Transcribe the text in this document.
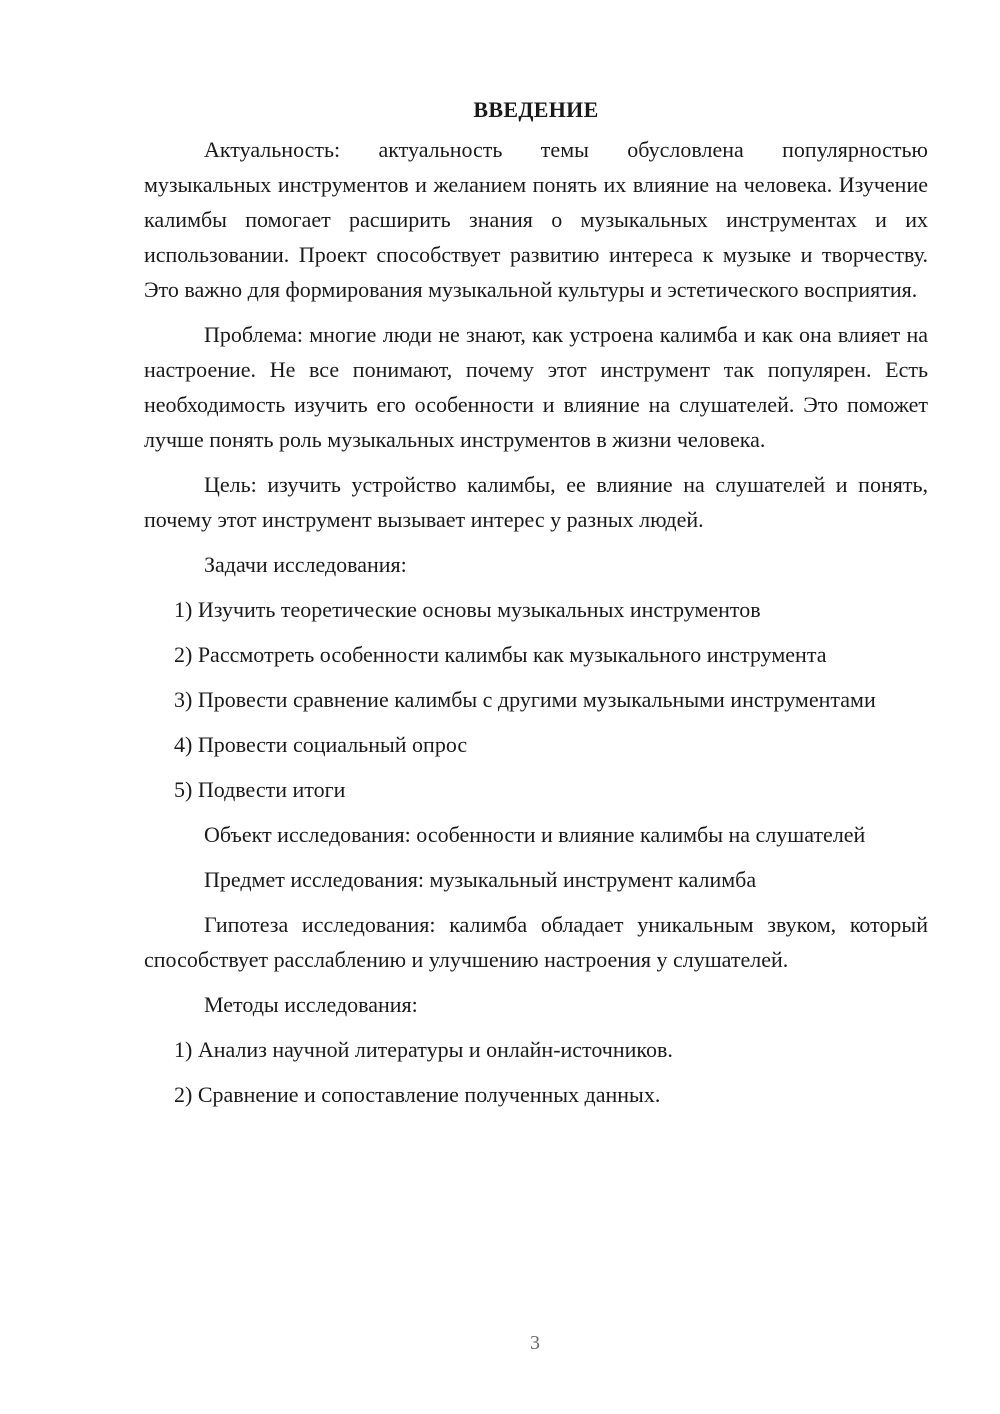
ВВЕДЕНИЕ

Актуальность: актуальность темы обусловлена популярностью музыкальных инструментов и желанием понять их влияние на человека. Изучение калимбы помогает расширить знания о музыкальных инструментах и их использовании. Проект способствует развитию интереса к музыке и творчеству. Это важно для формирования музыкальной культуры и эстетического восприятия.

Проблема: многие люди не знают, как устроена калимба и как она влияет на настроение. Не все понимают, почему этот инструмент так популярен. Есть необходимость изучить его особенности и влияние на слушателей. Это поможет лучше понять роль музыкальных инструментов в жизни человека.

Цель: изучить устройство калимбы, ее влияние на слушателей и понять, почему этот инструмент вызывает интерес у разных людей.

Задачи исследования:

1) Изучить теоретические основы музыкальных инструментов

2) Рассмотреть особенности калимбы как музыкального инструмента

3) Провести сравнение калимбы с другими музыкальными инструментами

4) Провести социальный опрос

5) Подвести итоги

Объект исследования: особенности и влияние калимбы на слушателей

Предмет исследования: музыкальный инструмент калимба

Гипотеза исследования: калимба обладает уникальным звуком, который способствует расслаблению и улучшению настроения у слушателей.

Методы исследования:

1) Анализ научной литературы и онлайн-источников.

2) Сравнение и сопоставление полученных данных.

3
